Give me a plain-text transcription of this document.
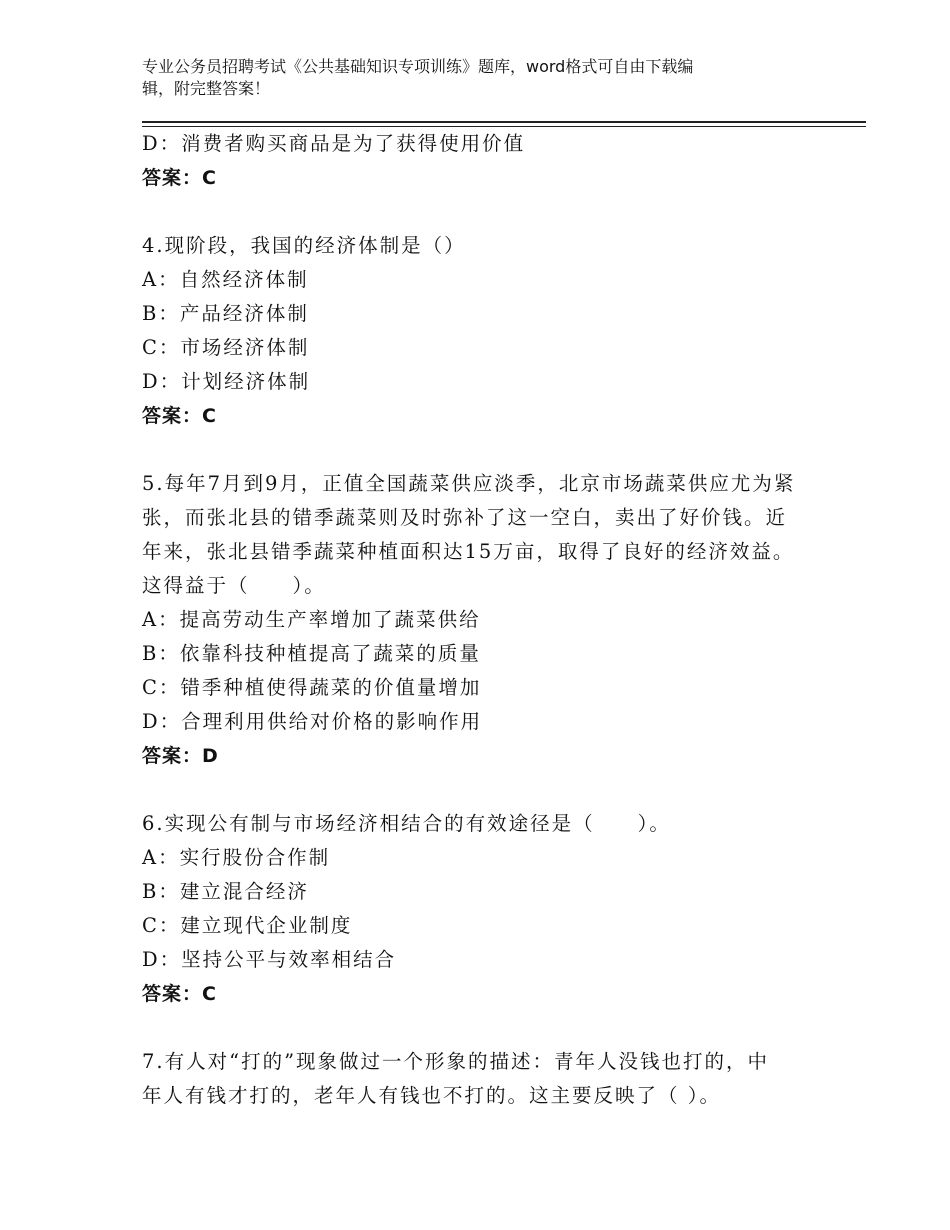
专业公务员招聘考试《公共基础知识专项训练》题库，word格式可自由下载编
辑，附完整答案！
D：消费者购买商品是为了获得使用价值
答案：C
4.现阶段，我国的经济体制是（）
A：自然经济体制
B：产品经济体制
C：市场经济体制
D：计划经济体制
答案：C
5.每年7月到9月，正值全国蔬菜供应淡季，北京市场蔬菜供应尤为紧
张，而张北县的错季蔬菜则及时弥补了这一空白，卖出了好价钱。近
年来，张北县错季蔬菜种植面积达15万亩，取得了良好的经济效益。
这得益于（　　）。
A：提高劳动生产率增加了蔬菜供给
B：依靠科技种植提高了蔬菜的质量
C：错季种植使得蔬菜的价值量增加
D：合理利用供给对价格的影响作用
答案：D
6.实现公有制与市场经济相结合的有效途径是（　　）。
A：实行股份合作制
B：建立混合经济
C：建立现代企业制度
D：坚持公平与效率相结合
答案：C
7.有人对“打的”现象做过一个形象的描述：青年人没钱也打的，中
年人有钱才打的，老年人有钱也不打的。这主要反映了（ ）。
